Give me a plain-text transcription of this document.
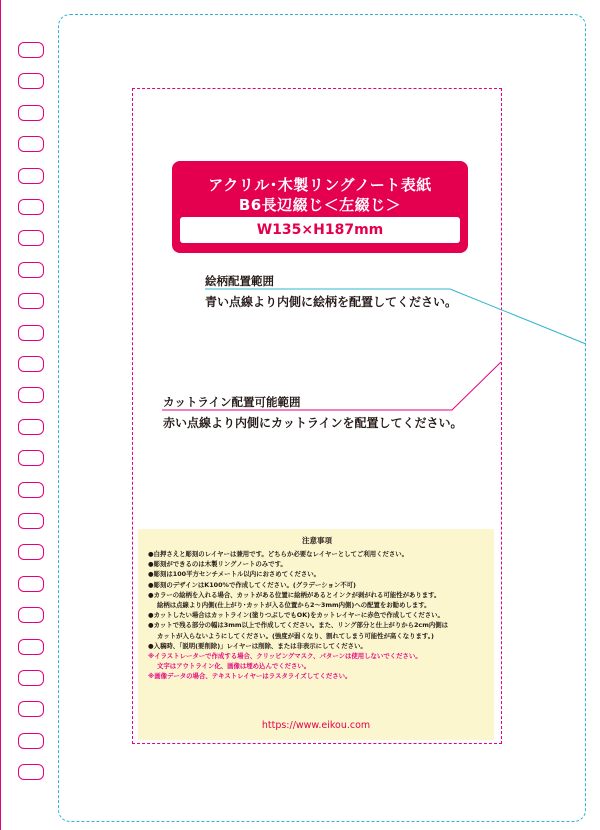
アクリル･木製リングノート表紙
B6長辺綴じ＜左綴じ＞
W135×H187mm
絵柄配置範囲
青い点線より内側に絵柄を配置してください。
カットライン配置可能範囲
赤い点線より内側にカットラインを配置してください。
注意事項
●白押さえと彫刻のレイヤーは兼用です。どちらか必要なレイヤーとしてご利用ください。
●彫刻ができるのは木製リングノートのみです。
●彫刻は100平方センチメートル以内におさめてください。
●彫刻のデザインはK100%で作成してください。(グラデーション不可)
●カラーの絵柄を入れる場合、カットがある位置に絵柄があるとインクが剥がれる可能性があります。
絵柄は点線より内側(仕上がり･カットが入る位置から2～3mm内側)への配置をお勧めします。
●カットしたい場合はカットライン(塗りつぶしでもOK)をカットレイヤーに赤色で作成してください。
●カットで残る部分の幅は3mm以上で作成してください。また、リング部分と仕上がりから2cm内側は
カットが入らないようにしてください。(強度が弱くなり、割れてしまう可能性が高くなります。)
●入稿時、「説明(要削除)」レイヤーは削除、または非表示にしてください。
※イラストレーターで作成する場合、クリッピングマスク、パターンは使用しないでください。
文字はアウトライン化、画像は埋め込んでください。
※画像データの場合、テキストレイヤーはラスタライズしてください。
https://www.eikou.com
